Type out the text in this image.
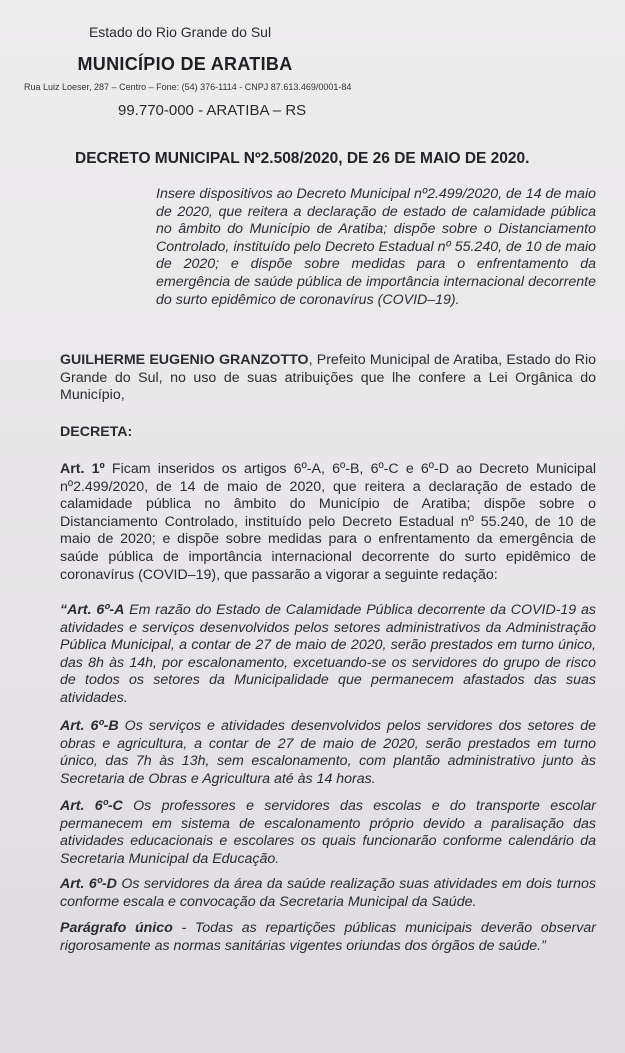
Estado do Rio Grande do Sul
MUNICÍPIO DE ARATIBA
Rua Luiz Loeser, 287 – Centro – Fone: (54) 376-1114 - CNPJ 87.613.469/0001-84
99.770-000 - ARATIBA – RS
DECRETO MUNICIPAL Nº2.508/2020, DE 26 DE MAIO DE 2020.
Insere dispositivos ao Decreto Municipal nº2.499/2020, de 14 de maio de 2020, que reitera a declaração de estado de calamidade pública no âmbito do Município de Aratiba; dispõe sobre o Distanciamento Controlado, instituído pelo Decreto Estadual nº 55.240, de 10 de maio de 2020; e dispõe sobre medidas para o enfrentamento da emergência de saúde pública de importância internacional decorrente do surto epidêmico de coronavírus (COVID–19).
GUILHERME EUGENIO GRANZOTTO, Prefeito Municipal de Aratiba, Estado do Rio Grande do Sul, no uso de suas atribuições que lhe confere a Lei Orgânica do Município,
DECRETA:
Art. 1º Ficam inseridos os artigos 6º-A, 6º-B, 6º-C e 6º-D ao Decreto Municipal nº2.499/2020, de 14 de maio de 2020, que reitera a declaração de estado de calamidade pública no âmbito do Município de Aratiba; dispõe sobre o Distanciamento Controlado, instituído pelo Decreto Estadual nº 55.240, de 10 de maio de 2020; e dispõe sobre medidas para o enfrentamento da emergência de saúde pública de importância internacional decorrente do surto epidêmico de coronavírus (COVID–19), que passarão a vigorar a seguinte redação:
“Art. 6º-A Em razão do Estado de Calamidade Pública decorrente da COVID-19 as atividades e serviços desenvolvidos pelos setores administrativos da Administração Pública Municipal, a contar de 27 de maio de 2020, serão prestados em turno único, das 8h às 14h, por escalonamento, excetuando-se os servidores do grupo de risco de todos os setores da Municipalidade que permanecem afastados das suas atividades.
Art. 6º-B Os serviços e atividades desenvolvidos pelos servidores dos setores de obras e agricultura, a contar de 27 de maio de 2020, serão prestados em turno único, das 7h às 13h, sem escalonamento, com plantão administrativo junto às Secretaria de Obras e Agricultura até às 14 horas.
Art. 6º-C Os professores e servidores das escolas e do transporte escolar permanecem em sistema de escalonamento próprio devido a paralisação das atividades educacionais e escolares os quais funcionarão conforme calendário da Secretaria Municipal da Educação.
Art. 6º-D Os servidores da área da saúde realização suas atividades em dois turnos conforme escala e convocação da Secretaria Municipal da Saúde.
Parágrafo único - Todas as repartições públicas municipais deverão observar rigorosamente as normas sanitárias vigentes oriundas dos órgãos de saúde.”
